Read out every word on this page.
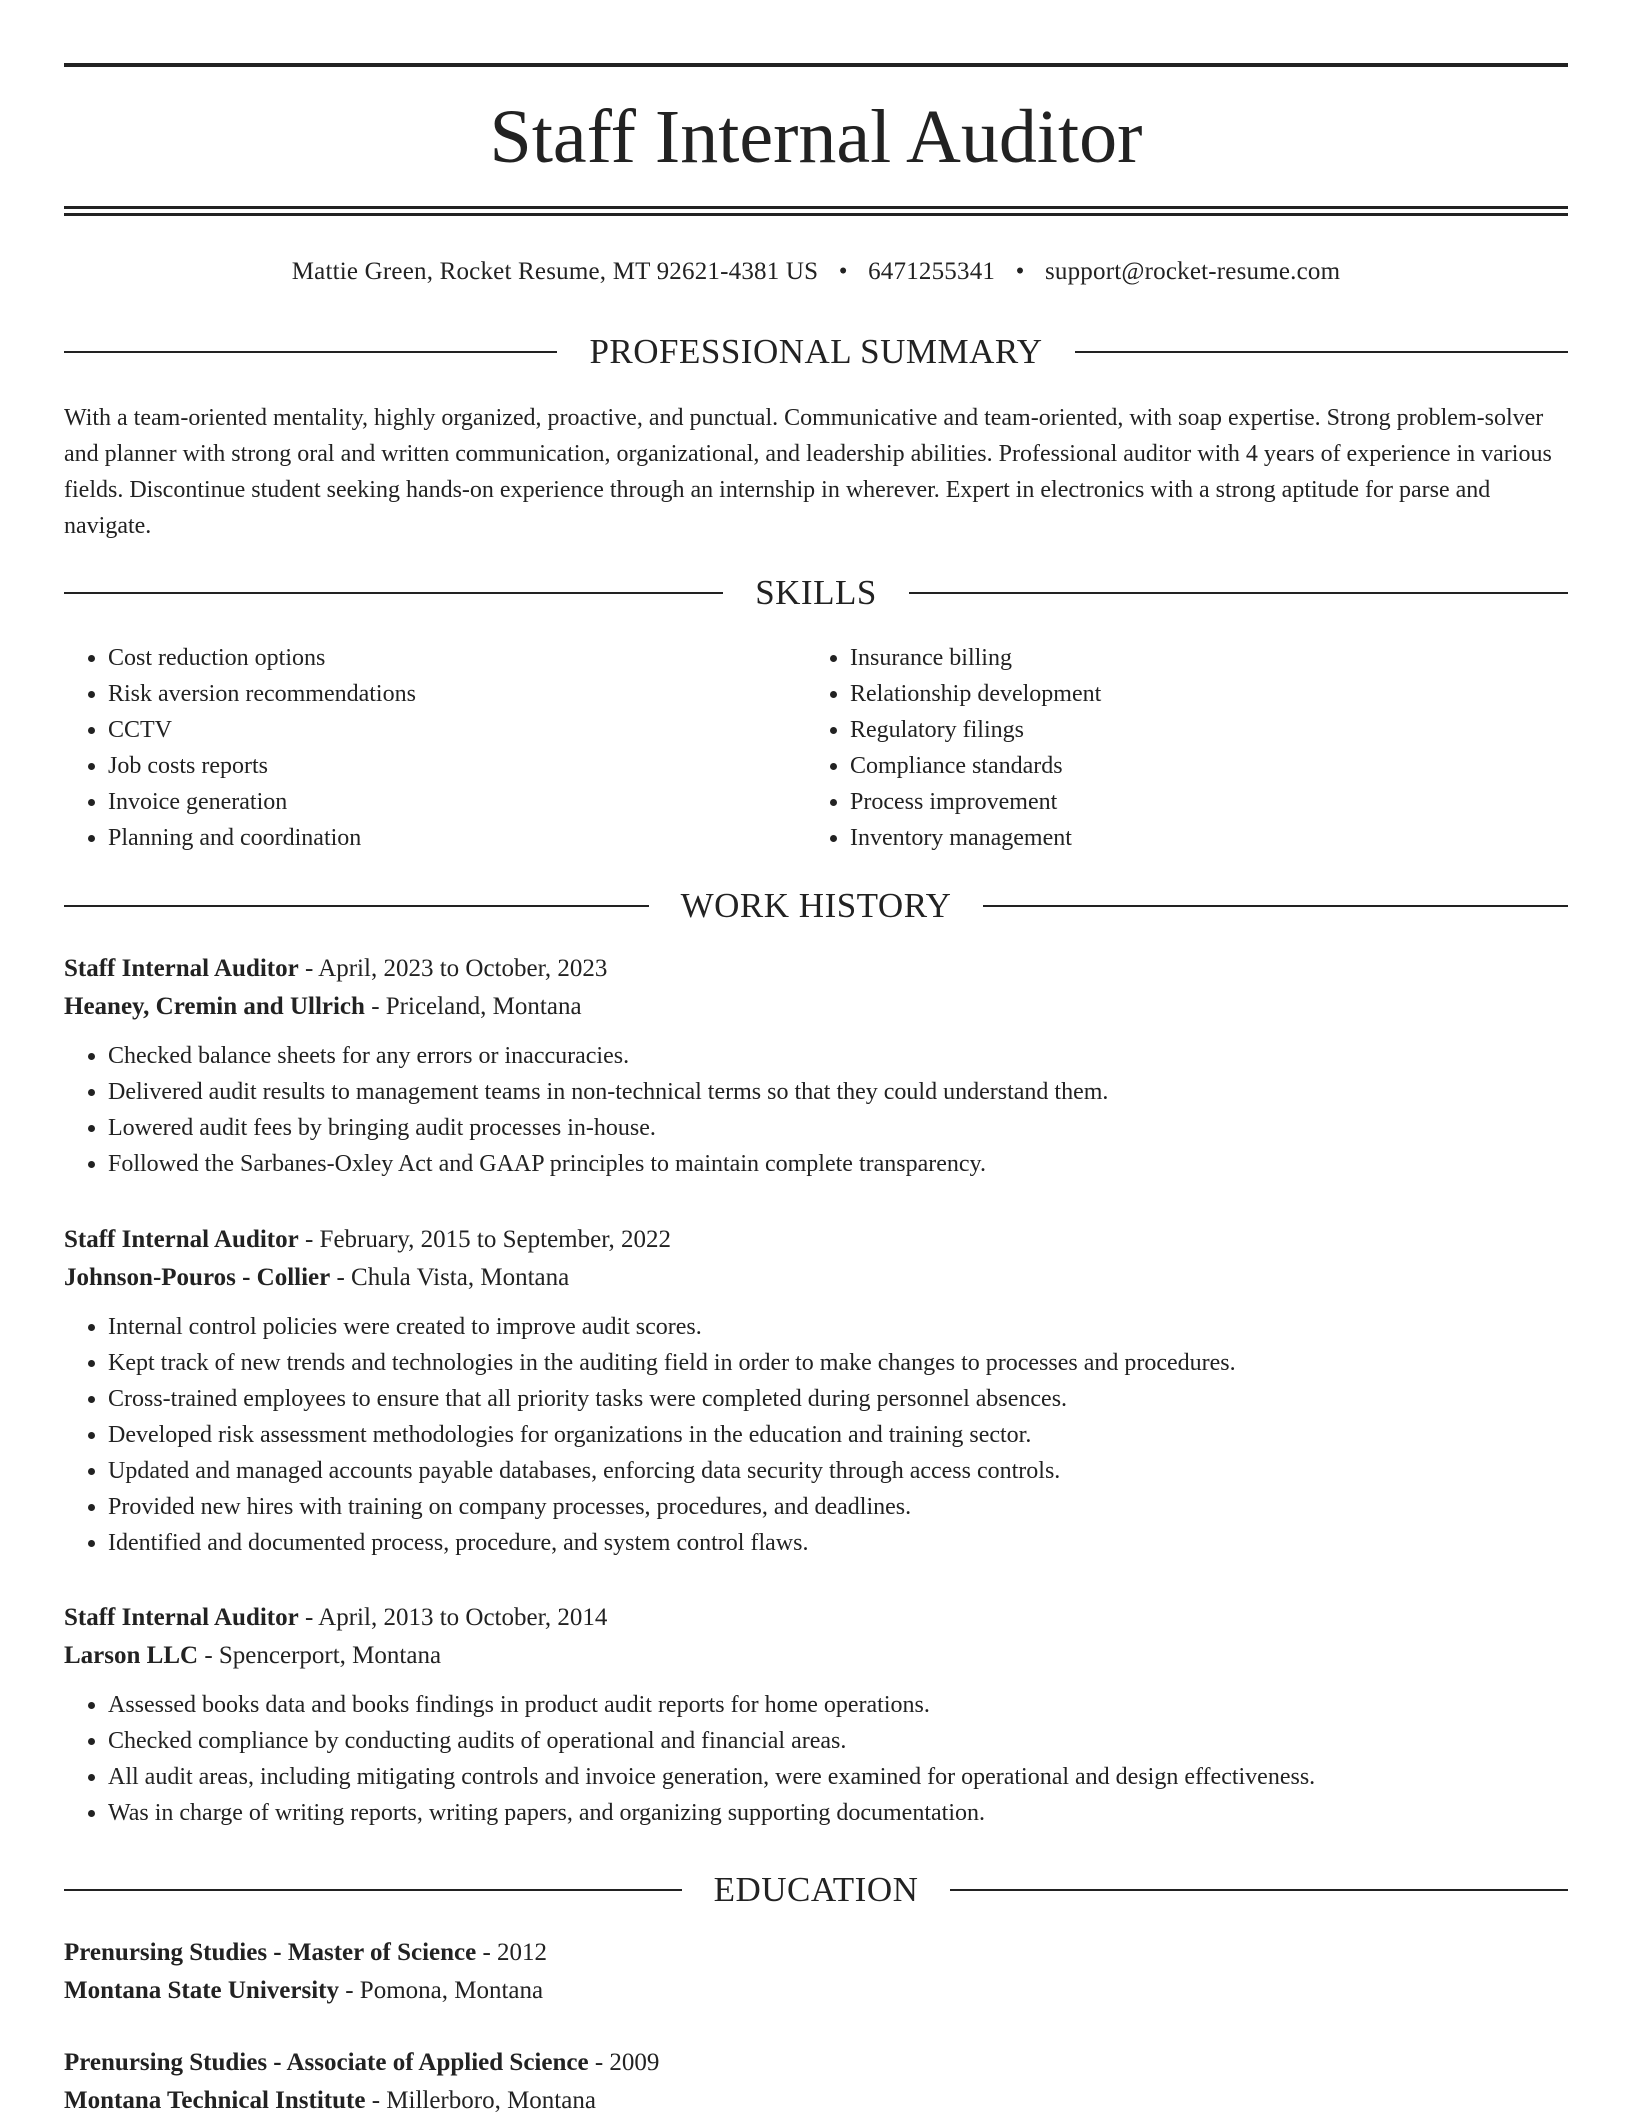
Staff Internal Auditor
Mattie Green, Rocket Resume, MT 92621-4381 US • 6471255341 • support@rocket-resume.com
PROFESSIONAL SUMMARY

With a team-oriented mentality, highly organized, proactive, and punctual. Communicative and team-oriented, with soap expertise. Strong problem-solver and planner with strong oral and written communication, organizational, and leadership abilities. Professional auditor with 4 years of experience in various fields. Discontinue student seeking hands-on experience through an internship in wherever. Expert in electronics with a strong aptitude for parse and navigate.

SKILLS
• Cost reduction options
• Risk aversion recommendations
• CCTV
• Job costs reports
• Invoice generation
• Planning and coordination
• Insurance billing
• Relationship development
• Regulatory filings
• Compliance standards
• Process improvement
• Inventory management
WORK HISTORY
Staff Internal Auditor - April, 2023 to October, 2023
Heaney, Cremin and Ullrich - Priceland, Montana
• Checked balance sheets for any errors or inaccuracies.
• Delivered audit results to management teams in non-technical terms so that they could understand them.
• Lowered audit fees by bringing audit processes in-house.
• Followed the Sarbanes-Oxley Act and GAAP principles to maintain complete transparency.
Staff Internal Auditor - February, 2015 to September, 2022
Johnson-Pouros - Collier - Chula Vista, Montana
• Internal control policies were created to improve audit scores.
• Kept track of new trends and technologies in the auditing field in order to make changes to processes and procedures.
• Cross-trained employees to ensure that all priority tasks were completed during personnel absences.
• Developed risk assessment methodologies for organizations in the education and training sector.
• Updated and managed accounts payable databases, enforcing data security through access controls.
• Provided new hires with training on company processes, procedures, and deadlines.
• Identified and documented process, procedure, and system control flaws.
Staff Internal Auditor - April, 2013 to October, 2014
Larson LLC - Spencerport, Montana
• Assessed books data and books findings in product audit reports for home operations.
• Checked compliance by conducting audits of operational and financial areas.
• All audit areas, including mitigating controls and invoice generation, were examined for operational and design effectiveness.
• Was in charge of writing reports, writing papers, and organizing supporting documentation.
EDUCATION
Prenursing Studies - Master of Science - 2012
Montana State University - Pomona, Montana
Prenursing Studies - Associate of Applied Science - 2009
Montana Technical Institute - Millerboro, Montana
